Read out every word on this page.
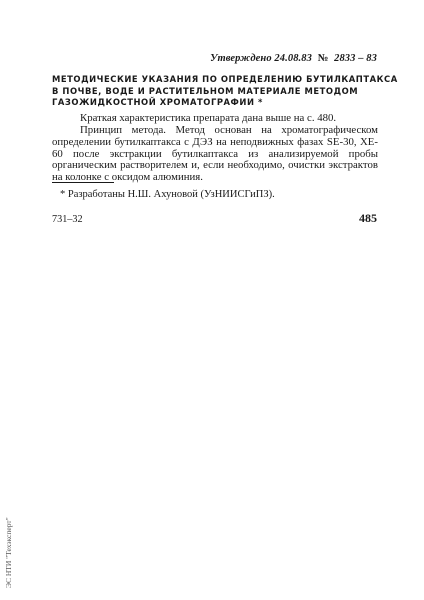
Утверждено 24.08.83 № 2833 – 83
МЕТОДИЧЕСКИЕ УКАЗАНИЯ ПО ОПРЕДЕЛЕНИЮ БУТИЛКАПТАКСА
В ПОЧВЕ, ВОДЕ И РАСТИТЕЛЬНОМ МАТЕРИАЛЕ МЕТОДОМ
ГАЗОЖИДКОСТНОЙ ХРОМАТОГРАФИИ *
Краткая характеристика препарата дана выше на с. 480.
Принцип метода. Метод основан на хроматографическом определении бутилкаптакса с ДЭЗ на неподвижных фазах SE-30, XE-60 после экстракции бутилкаптакса из анализируемой пробы органическим растворителем и, если необходимо, очистки экстрактов на колонке с оксидом алюминия.
* Разработаны Н.Ш. Ахуновой (УзНИИСГиПЗ).
731–32	485
ЭС НТИ "Техэксперт"
